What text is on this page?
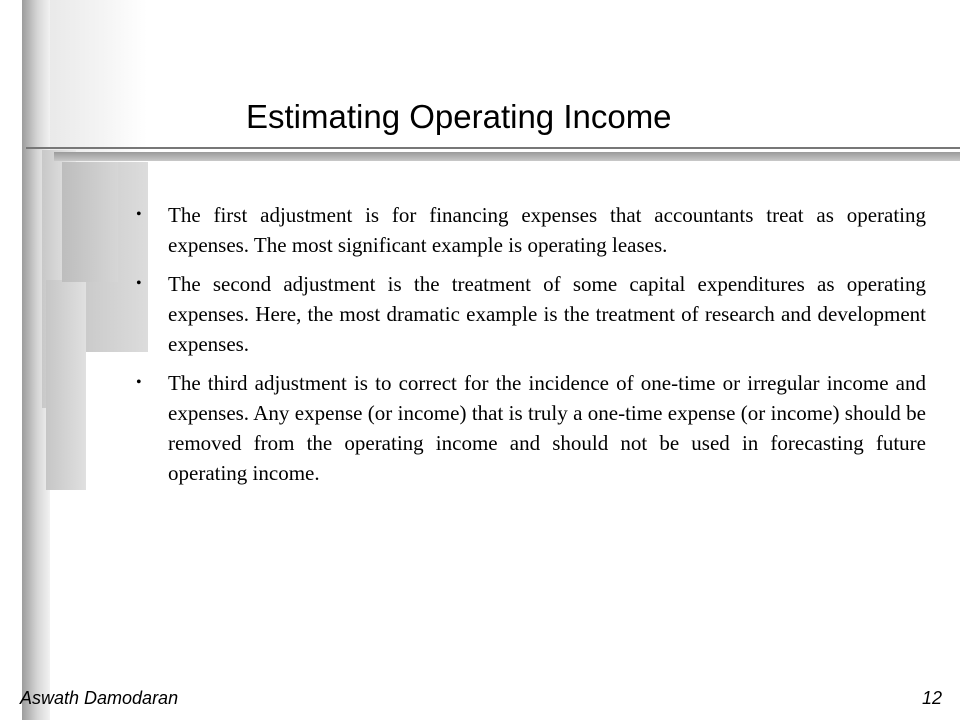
Estimating Operating Income
• The first adjustment is for financing expenses that accountants treat as operating expenses. The most significant example is operating leases.
• The second adjustment is the treatment of some capital expenditures as operating expenses. Here, the most dramatic example is the treatment of research and development expenses.
• The third adjustment is to correct for the incidence of one-time or irregular income and expenses. Any expense (or income) that is truly a one-time expense (or income) should be removed from the operating income and should not be used in forecasting future operating income.
Aswath Damodaran	12
